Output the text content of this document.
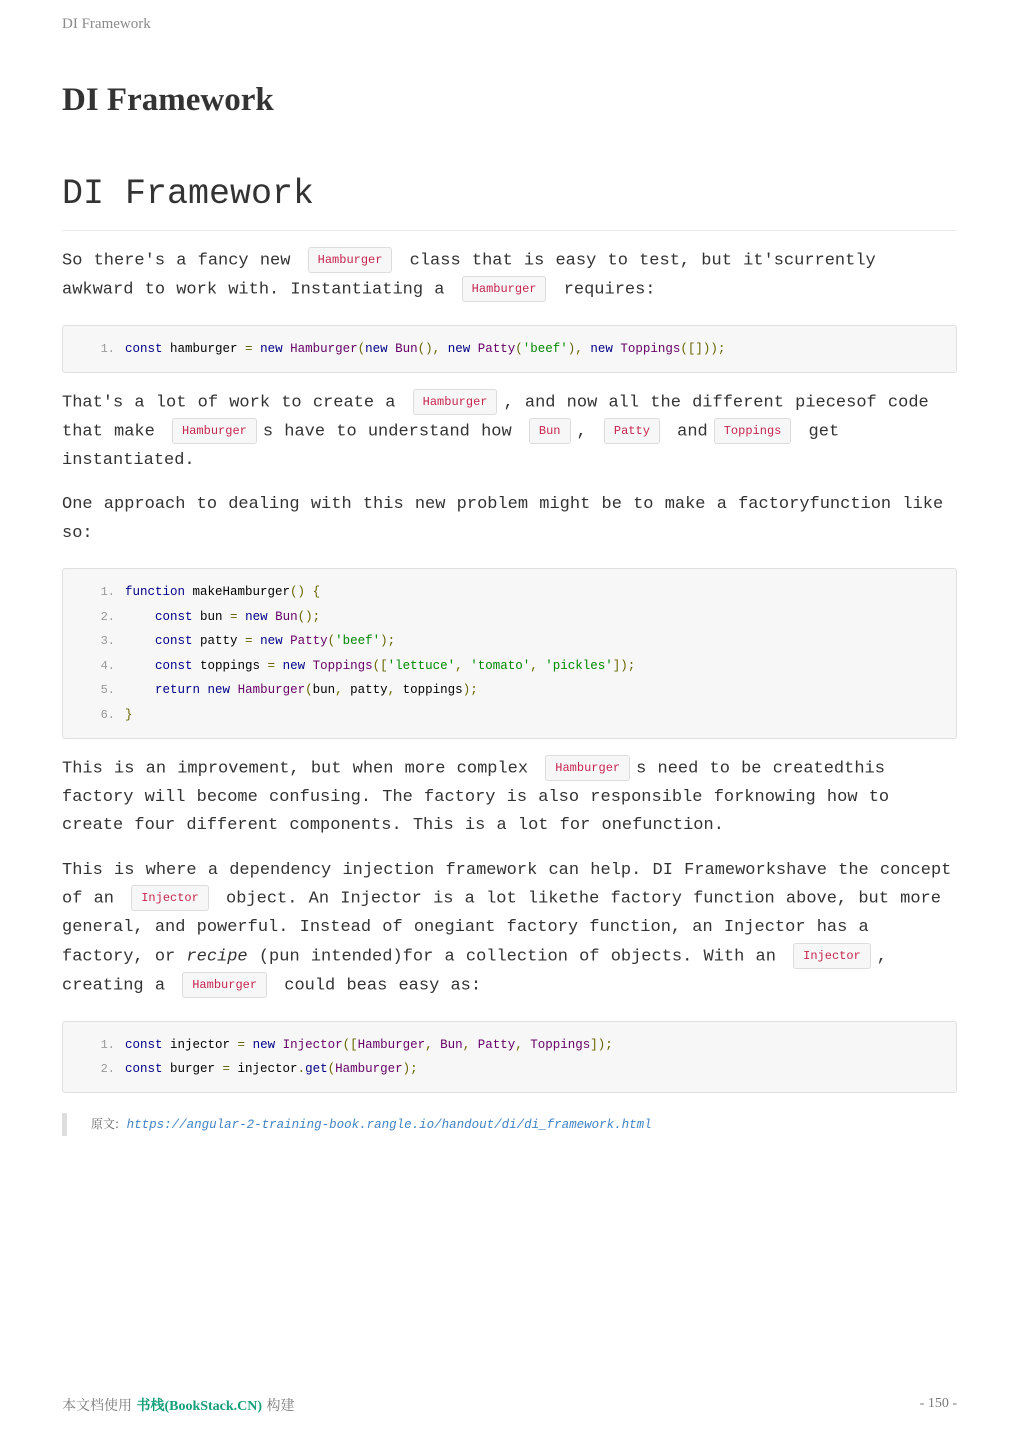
DI Framework
DI Framework
DI Framework

So there's a fancy new Hamburger class that is easy to test, but it'scurrently awkward to work with. Instantiating a Hamburger requires:

1. const hamburger = new Hamburger(new Bun(), new Patty('beef'), new Toppings([]));

That's a lot of work to create a Hamburger , and now all the different piecesof code that make Hamburger s have to understand how Bun , Patty and Toppings get instantiated.

One approach to dealing with this new problem might be to make a factoryfunction like so:

1. function makeHamburger() {
2.	const bun = new Bun();
3.	const patty = new Patty('beef');
4.	const toppings = new Toppings(['lettuce', 'tomato', 'pickles']);
5.	return new Hamburger(bun, patty, toppings);
6. }

This is an improvement, but when more complex Hamburger s need to be createdthis factory will become confusing. The factory is also responsible forknowing how to create four different components. This is a lot for onefunction.

This is where a dependency injection framework can help. DI Frameworkshave the concept of an Injector object. An Injector is a lot likethe factory function above, but more general, and powerful. Instead of onegiant factory function, an Injector has a factory, or recipe (pun intended)for a collection of objects. With an Injector , creating a Hamburger could beas easy as:

1. const injector = new Injector([Hamburger, Bun, Patty, Toppings]);
2. const burger = injector.get(Hamburger);
原文: https://angular-2-training-book.rangle.io/handout/di/di_framework.html
本文档使用 书栈(BookStack.CN) 构建	- 150 -
